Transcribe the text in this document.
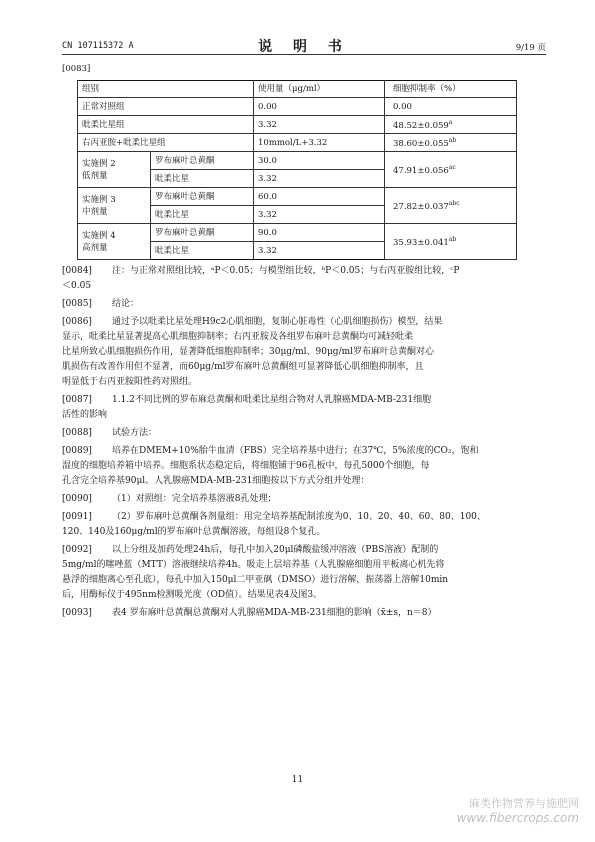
CN 107115372 A	说 明 书	9/19 页
[0083]
组别		使用量（μg/ml）	细胞抑制率（%）
正常对照组		0.00	0.00
吡柔比星组		3.32	48.52±0.059$^a$
右丙亚胺+吡柔比星组		10mmol/L+3.32	38.60±0.055$^{ab}$
实施例 2
低剂量	罗布麻叶总黄酮	30.0	47.91±0.056$^{ac}$
	吡柔比星	3.32	
实施例 3
中剂量	罗布麻叶总黄酮	60.0	27.82±0.037$^{abc}$
	吡柔比星	3.32	
实施例 4
高剂量	罗布麻叶总黄酮	90.0	35.93±0.041$^{ab}$
	吡柔比星	3.32	
[0084]	注：与正常对照组比较，ᵃP＜0.05；与模型组比较，ᵇP＜0.05；与右丙亚胺组比较，ᶜP
＜0.05
[0085]	结论：
[0086]	通过予以吡柔比星处理H9c2心肌细胞，复制心脏毒性（心肌细胞损伤）模型，结果
显示，吡柔比星显著提高心肌细胞抑制率；右丙亚胺及各组罗布麻叶总黄酮均可减轻吡柔
比星所致心肌细胞损伤作用，显著降低细胞抑制率；30μg/ml、90μg/ml罗布麻叶总黄酮对心
肌损伤有改善作用但不显著，而60μg/ml罗布麻叶总黄酮组可显著降低心肌细胞抑制率，且
明显低于右丙亚胺阳性药对照组。
[0087]	1.1.2不同比例的罗布麻总黄酮和吡柔比星组合物对人乳腺癌MDA-MB-231细胞
活性的影响
[0088]	试验方法：
[0089]	培养在DMEM+10%胎牛血清（FBS）完全培养基中进行；在37℃，5%浓度的CO₂，饱和
湿度的细胞培养箱中培养。细胞系状态稳定后，将细胞铺于96孔板中，每孔5000个细胞，每
孔含完全培养基90μl。人乳腺癌MDA-MB-231细胞按以下方式分组并处理：
[0090]	（1）对照组：完全培养基溶液8孔处理；
[0091]	（2）罗布麻叶总黄酮各剂量组：用完全培养基配制浓度为0、10、20、40、60、80、100、
120、140及160μg/ml的罗布麻叶总黄酮溶液，每组设8个复孔。
[0092]	以上分组及加药处理24h后，每孔中加入20μl磷酸盐缓冲溶液（PBS溶液）配制的
5mg/ml的噻唑蓝（MTT）溶液继续培养4h。吸走上层培养基（人乳腺癌细胞用平板离心机先将
悬浮的细胞离心至孔底），每孔中加入150μl二甲亚砜（DMSO）进行溶解，振荡器上溶解10min
后，用酶标仪于495nm检测吸光度（OD值）。结果见表4及图3。
[0093]	表4 罗布麻叶总黄酮总黄酮对人乳腺癌MDA-MB-231细胞的影响（x̄±s，n＝8）
11
麻类作物营养与施肥网
www.fibercrops.com
